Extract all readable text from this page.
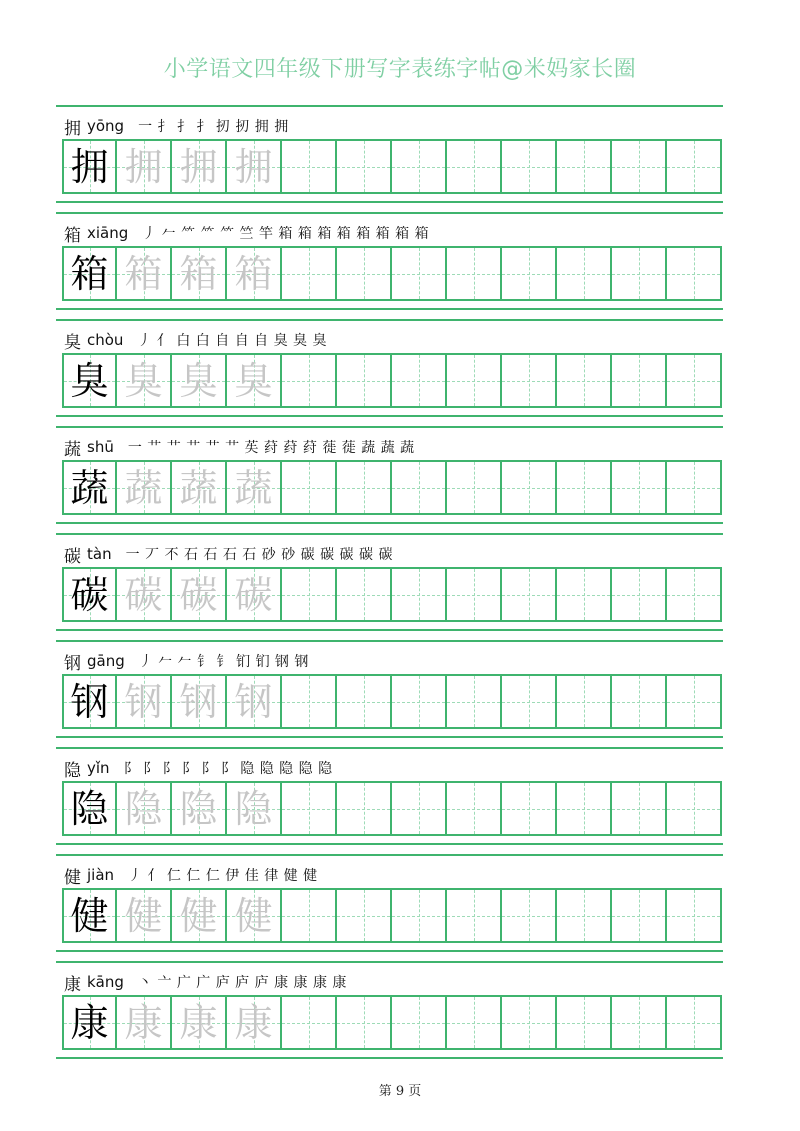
小学语文四年级下册写字表练字帖@米妈家长圈
拥 yōng 一 扌 扌 扌 扨 扨 拥 拥
拥 拥 拥 拥
箱 xiāng 丿 𠂉 ⺮ ⺮ ⺮ 竺 竿 箱 箱 箱 箱 箱 箱 箱 箱
箱 箱 箱 箱
臭 chòu 丿 亻 白 白 自 自 自 臭 臭 臭
臭 臭 臭 臭
蔬 shū 一 艹 艹 艹 艹 艹 苵 荮 荮 荮 蓰 蓰 蔬 蔬 蔬
蔬 蔬 蔬 蔬
碳 tàn 一 丆 不 石 石 石 石 砂 砂 碳 碳 碳 碳 碳
碳 碳 碳 碳
钢 gāng 丿 𠂉 𠂉 钅 钅 钔 钔 钢 钢
钢 钢 钢 钢
隐 yǐn 阝 阝 阝 阝 阝 阝 隐 隐 隐 隐 隐
隐 隐 隐 隐
健 jiàn 丿 亻 仁 仁 仁 伊 佳 律 健 健
健 健 健 健
康 kāng 丶 亠 广 广 庐 庐 庐 康 康 康 康
康 康 康 康
第 9 页
